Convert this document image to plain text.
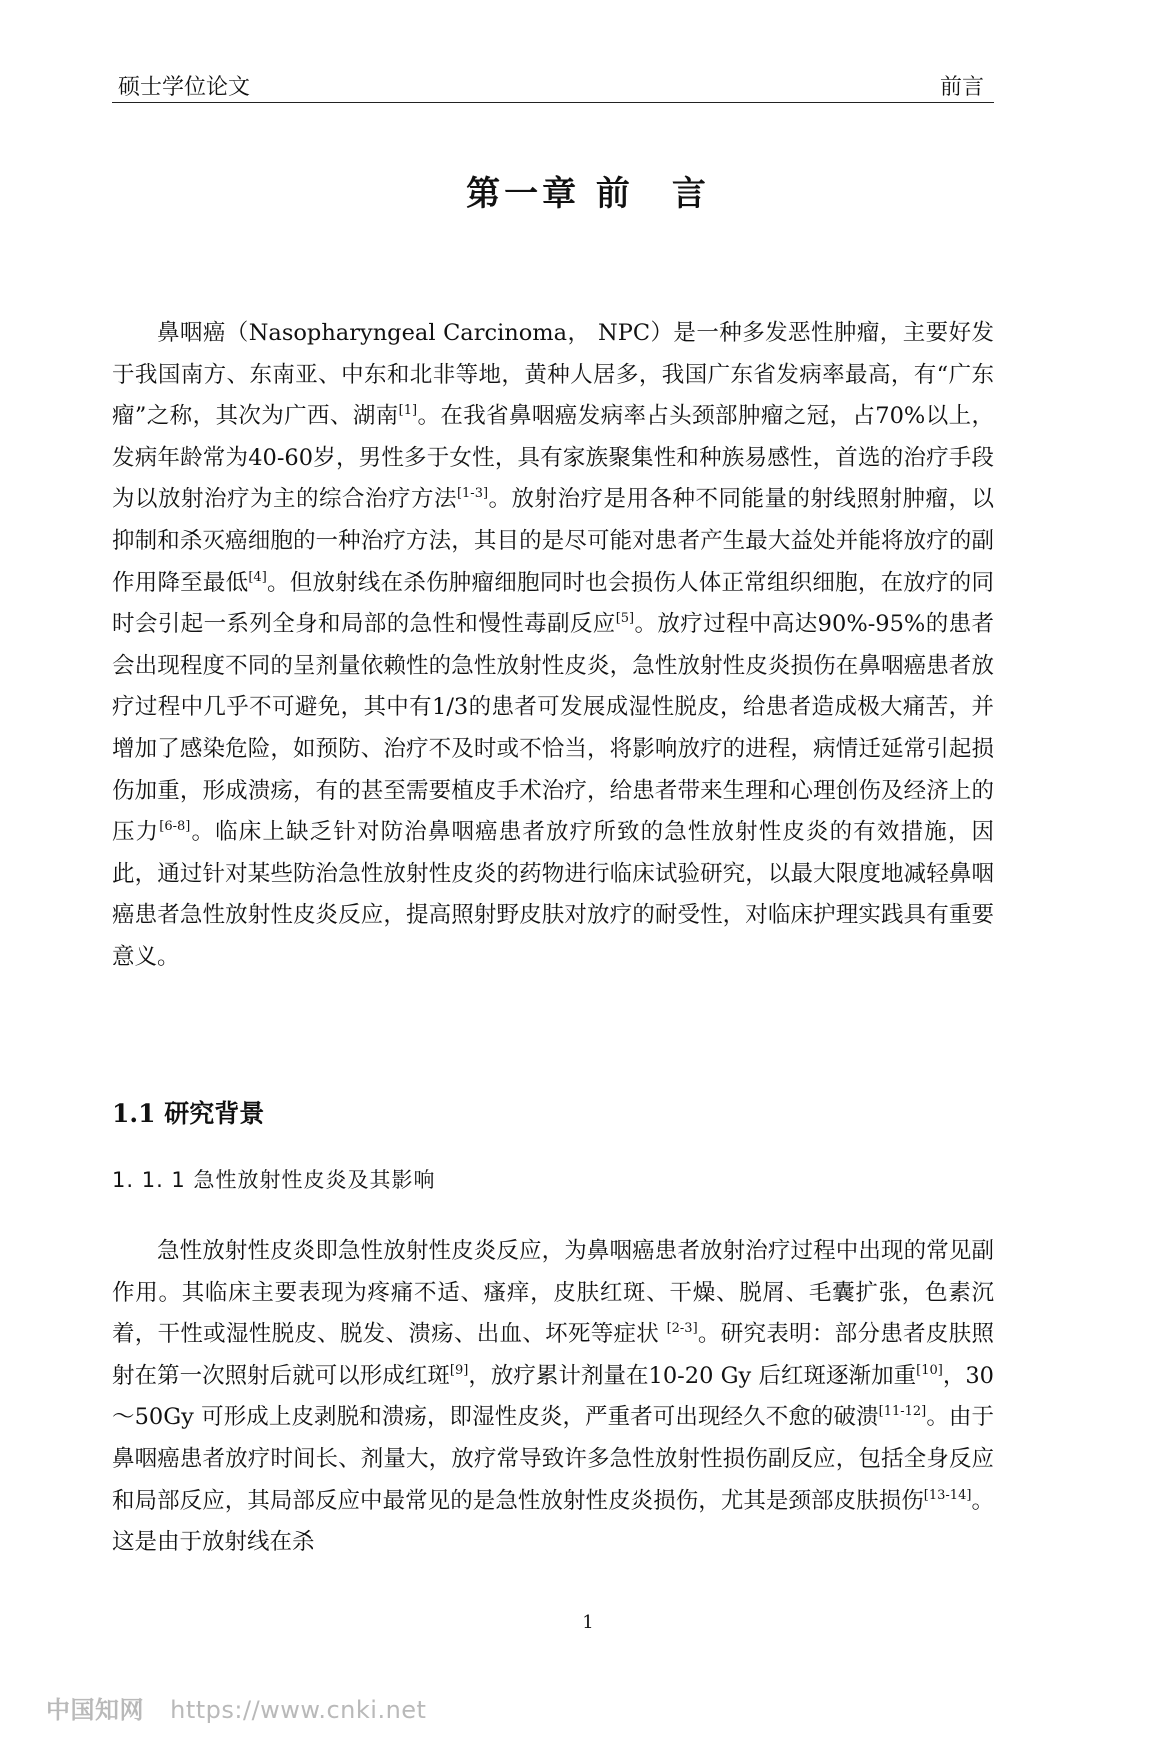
硕士学位论文	前言
第一章 前　言

鼻咽癌（Nasopharyngeal Carcinoma， NPC）是一种多发恶性肿瘤，主要好发于我国南方、东南亚、中东和北非等地，黄种人居多，我国广东省发病率最高，有“广东瘤”之称，其次为广西、湖南[1]。在我省鼻咽癌发病率占头颈部肿瘤之冠，占70%以上，发病年龄常为40-60岁，男性多于女性，具有家族聚集性和种族易感性，首选的治疗手段为以放射治疗为主的综合治疗方法[1-3]。放射治疗是用各种不同能量的射线照射肿瘤，以抑制和杀灭癌细胞的一种治疗方法，其目的是尽可能对患者产生最大益处并能将放疗的副作用降至最低[4]。但放射线在杀伤肿瘤细胞同时也会损伤人体正常组织细胞，在放疗的同时会引起一系列全身和局部的急性和慢性毒副反应[5]。放疗过程中高达90%-95%的患者会出现程度不同的呈剂量依赖性的急性放射性皮炎，急性放射性皮炎损伤在鼻咽癌患者放疗过程中几乎不可避免，其中有1/3的患者可发展成湿性脱皮，给患者造成极大痛苦，并增加了感染危险，如预防、治疗不及时或不恰当，将影响放疗的进程，病情迁延常引起损伤加重，形成溃疡，有的甚至需要植皮手术治疗，给患者带来生理和心理创伤及经济上的压力[6-8]。临床上缺乏针对防治鼻咽癌患者放疗所致的急性放射性皮炎的有效措施，因此，通过针对某些防治急性放射性皮炎的药物进行临床试验研究，以最大限度地减轻鼻咽癌患者急性放射性皮炎反应，提高照射野皮肤对放疗的耐受性，对临床护理实践具有重要意义。

1.1 研究背景
1. 1. 1 急性放射性皮炎及其影响

急性放射性皮炎即急性放射性皮炎反应，为鼻咽癌患者放射治疗过程中出现的常见副作用。其临床主要表现为疼痛不适、瘙痒，皮肤红斑、干燥、脱屑、毛囊扩张，色素沉着，干性或湿性脱皮、脱发、溃疡、出血、坏死等症状 [2-3]。研究表明：部分患者皮肤照射在第一次照射后就可以形成红斑[9]，放疗累计剂量在10-20 Gy 后红斑逐渐加重[10]，30～50Gy 可形成上皮剥脱和溃疡，即湿性皮炎，严重者可出现经久不愈的破溃[11-12]。由于鼻咽癌患者放疗时间长、剂量大，放疗常导致许多急性放射性损伤副反应，包括全身反应和局部反应，其局部反应中最常见的是急性放射性皮炎损伤，尤其是颈部皮肤损伤[13-14]。这是由于放射线在杀

1
中国知网 https://www.cnki.net
